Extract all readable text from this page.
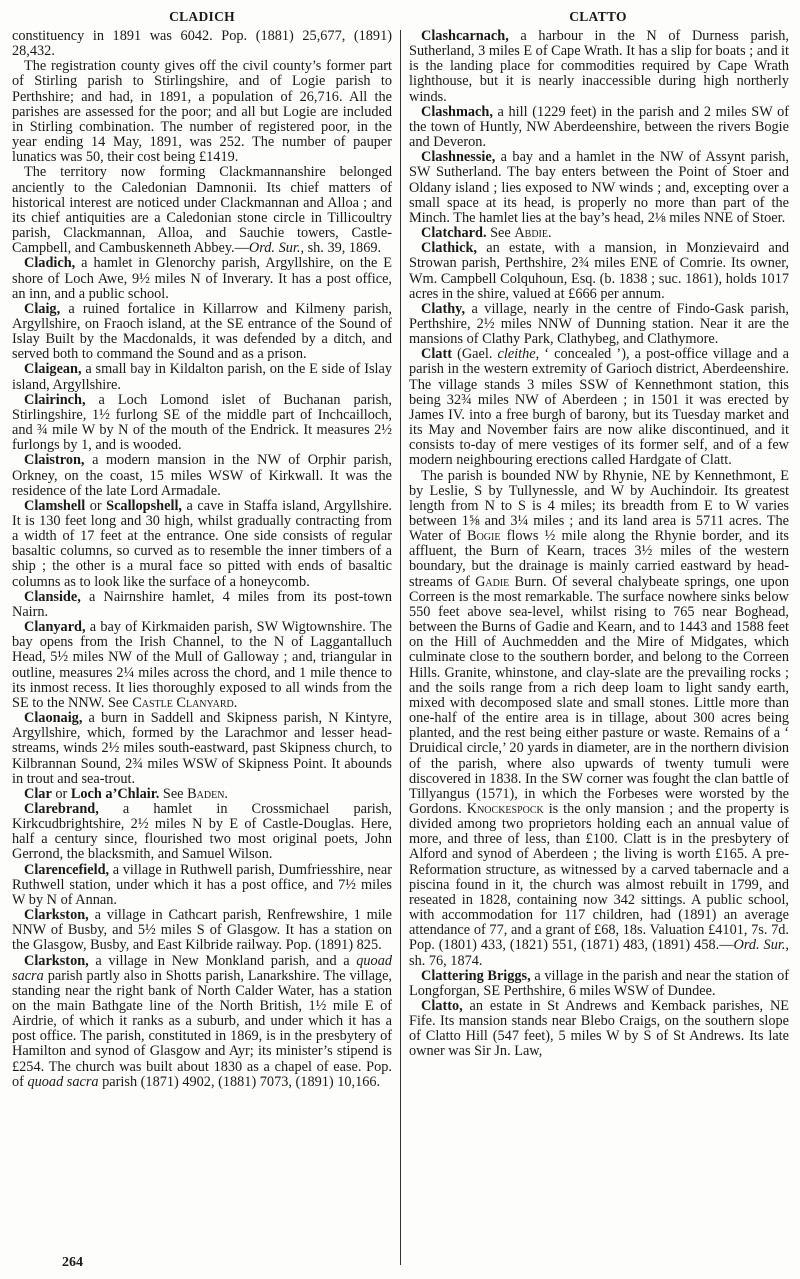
CLADICH	CLATTO

constituency in 1891 was 6042. Pop. (1881) 25,677, (1891) 28,432.

The registration county gives off the civil county’s former part of Stirling parish to Stirlingshire, and of Logie parish to Perthshire; and had, in 1891, a population of 26,716. All the parishes are assessed for the poor; and all but Logie are included in Stirling combination. The number of registered poor, in the year ending 14 May, 1891, was 252. The number of pauper lunatics was 50, their cost being £1419.

The territory now forming Clackmannanshire belonged anciently to the Caledonian Damnonii. Its chief matters of historical interest are noticed under Clackmannan and Alloa ; and its chief antiquities are a Caledonian stone circle in Tillicoultry parish, Clackmannan, Alloa, and Sauchie towers, Castle-Campbell, and Cambuskenneth Abbey.—Ord. Sur., sh. 39, 1869.

Cladich, a hamlet in Glenorchy parish, Argyllshire, on the E shore of Loch Awe, 9½ miles N of Inverary. It has a post office, an inn, and a public school.

Claig, a ruined fortalice in Killarrow and Kilmeny parish, Argyllshire, on Fraoch island, at the SE entrance of the Sound of Islay Built by the Macdonalds, it was defended by a ditch, and served both to command the Sound and as a prison.

Claigean, a small bay in Kildalton parish, on the E side of Islay island, Argyllshire.

Clairinch, a Loch Lomond islet of Buchanan parish, Stirlingshire, 1½ furlong SE of the middle part of Inchcailloch, and ¾ mile W by N of the mouth of the Endrick. It measures 2½ furlongs by 1, and is wooded.

Claistron, a modern mansion in the NW of Orphir parish, Orkney, on the coast, 15 miles WSW of Kirkwall. It was the residence of the late Lord Armadale.

Clamshell or Scallopshell, a cave in Staffa island, Argyllshire. It is 130 feet long and 30 high, whilst gradually contracting from a width of 17 feet at the entrance. One side consists of regular basaltic columns, so curved as to resemble the inner timbers of a ship ; the other is a mural face so pitted with ends of basaltic columns as to look like the surface of a honeycomb.

Clanside, a Nairnshire hamlet, 4 miles from its post-town Nairn.

Clanyard, a bay of Kirkmaiden parish, SW Wigtownshire. The bay opens from the Irish Channel, to the N of Laggantalluch Head, 5½ miles NW of the Mull of Galloway ; and, triangular in outline, measures 2¼ miles across the chord, and 1 mile thence to its inmost recess. It lies thoroughly exposed to all winds from the SE to the NNW. See Castle Clanyard.

Claonaig, a burn in Saddell and Skipness parish, N Kintyre, Argyllshire, which, formed by the Larachmor and lesser head-streams, winds 2½ miles south-eastward, past Skipness church, to Kilbrannan Sound, 2¾ miles WSW of Skipness Point. It abounds in trout and sea-trout.

Clar or Loch a’Chlair. See Baden.

Clarebrand, a hamlet in Crossmichael parish, Kirkcudbrightshire, 2½ miles N by E of Castle-Douglas. Here, half a century since, flourished two most original poets, John Gerrond, the blacksmith, and Samuel Wilson.

Clarencefield, a village in Ruthwell parish, Dumfriesshire, near Ruthwell station, under which it has a post office, and 7½ miles W by N of Annan.

Clarkston, a village in Cathcart parish, Renfrewshire, 1 mile NNW of Busby, and 5½ miles S of Glasgow. It has a station on the Glasgow, Busby, and East Kilbride railway. Pop. (1891) 825.

Clarkston, a village in New Monkland parish, and a quoad sacra parish partly also in Shotts parish, Lanarkshire. The village, standing near the right bank of North Calder Water, has a station on the main Bathgate line of the North British, 1½ mile E of Airdrie, of which it ranks as a suburb, and under which it has a post office. The parish, constituted in 1869, is in the presbytery of Hamilton and synod of Glasgow and Ayr; its minister’s stipend is £254. The church was built about 1830 as a chapel of ease. Pop. of quoad sacra parish (1871) 4902, (1881) 7073, (1891) 10,166.

Clashcarnach, a harbour in the N of Durness parish, Sutherland, 3 miles E of Cape Wrath. It has a slip for boats ; and it is the landing place for commodities required by Cape Wrath lighthouse, but it is nearly inaccessible during high northerly winds.

Clashmach, a hill (1229 feet) in the parish and 2 miles SW of the town of Huntly, NW Aberdeenshire, between the rivers Bogie and Deveron.

Clashnessie, a bay and a hamlet in the NW of Assynt parish, SW Sutherland. The bay enters between the Point of Stoer and Oldany island ; lies exposed to NW winds ; and, excepting over a small space at its head, is properly no more than part of the Minch. The hamlet lies at the bay’s head, 2⅛ miles NNE of Stoer.

Clatchard. See Abdie.

Clathick, an estate, with a mansion, in Monzievaird and Strowan parish, Perthshire, 2¾ miles ENE of Comrie. Its owner, Wm. Campbell Colquhoun, Esq. (b. 1838 ; suc. 1861), holds 1017 acres in the shire, valued at £666 per annum.

Clathy, a village, nearly in the centre of Findo-Gask parish, Perthshire, 2½ miles NNW of Dunning station. Near it are the mansions of Clathy Park, Clathybeg, and Clathymore.

Clatt (Gael. cleithe, ‘ concealed ’), a post-office village and a parish in the western extremity of Garioch district, Aberdeenshire. The village stands 3 miles SSW of Kennethmont station, this being 32¾ miles NW of Aberdeen ; in 1501 it was erected by James IV. into a free burgh of barony, but its Tuesday market and its May and November fairs are now alike discontinued, and it consists to-day of mere vestiges of its former self, and of a few modern neighbouring erections called Hardgate of Clatt.

The parish is bounded NW by Rhynie, NE by Kennethmont, E by Leslie, S by Tullynessle, and W by Auchindoir. Its greatest length from N to S is 4 miles; its breadth from E to W varies between 1⅝ and 3¼ miles ; and its land area is 5711 acres. The Water of Bogie flows ½ mile along the Rhynie border, and its affluent, the Burn of Kearn, traces 3½ miles of the western boundary, but the drainage is mainly carried eastward by head-streams of Gadie Burn. Of several chalybeate springs, one upon Correen is the most remarkable. The surface nowhere sinks below 550 feet above sea-level, whilst rising to 765 near Boghead, between the Burns of Gadie and Kearn, and to 1443 and 1588 feet on the Hill of Auchmedden and the Mire of Midgates, which culminate close to the southern border, and belong to the Correen Hills. Granite, whinstone, and clay-slate are the prevailing rocks ; and the soils range from a rich deep loam to light sandy earth, mixed with decomposed slate and small stones. Little more than one-half of the entire area is in tillage, about 300 acres being planted, and the rest being either pasture or waste. Remains of a ‘ Druidical circle,’ 20 yards in diameter, are in the northern division of the parish, where also upwards of twenty tumuli were discovered in 1838. In the SW corner was fought the clan battle of Tillyangus (1571), in which the Forbeses were worsted by the Gordons. Knockespock is the only mansion ; and the property is divided among two proprietors holding each an annual value of more, and three of less, than £100. Clatt is in the presbytery of Alford and synod of Aberdeen ; the living is worth £165. A pre-Reformation structure, as witnessed by a carved tabernacle and a piscina found in it, the church was almost rebuilt in 1799, and reseated in 1828, containing now 342 sittings. A public school, with accommodation for 117 children, had (1891) an average attendance of 77, and a grant of £68, 18s. Valuation £4101, 7s. 7d. Pop. (1801) 433, (1821) 551, (1871) 483, (1891) 458.—Ord. Sur., sh. 76, 1874.

Clattering Briggs, a village in the parish and near the station of Longforgan, SE Perthshire, 6 miles WSW of Dundee.

Clatto, an estate in St Andrews and Kemback parishes, NE Fife. Its mansion stands near Blebo Craigs, on the southern slope of Clatto Hill (547 feet), 5 miles W by S of St Andrews. Its late owner was Sir Jn. Law,

264
